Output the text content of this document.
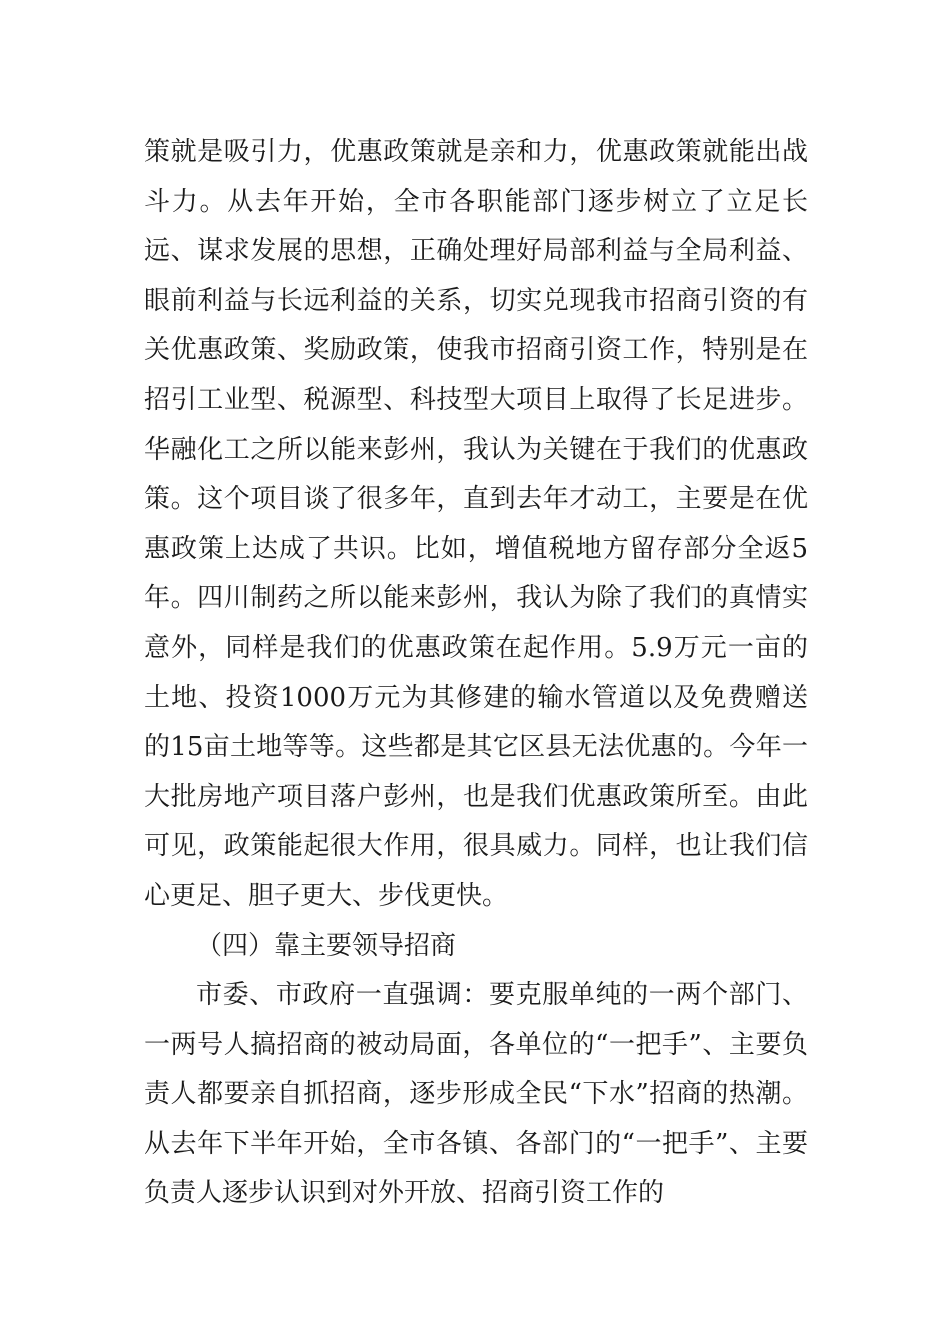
策就是吸引力，优惠政策就是亲和力，优惠政策就能出战斗力。从去年开始，全市各职能部门逐步树立了立足长远、谋求发展的思想，正确处理好局部利益与全局利益、眼前利益与长远利益的关系，切实兑现我市招商引资的有关优惠政策、奖励政策，使我市招商引资工作，特别是在招引工业型、税源型、科技型大项目上取得了长足进步。华融化工之所以能来彭州，我认为关键在于我们的优惠政策。这个项目谈了很多年，直到去年才动工，主要是在优惠政策上达成了共识。比如，增值税地方留存部分全返5年。四川制药之所以能来彭州，我认为除了我们的真情实意外，同样是我们的优惠政策在起作用。5.9万元一亩的土地、投资1000万元为其修建的输水管道以及免费赠送的15亩土地等等。这些都是其它区县无法优惠的。今年一大批房地产项目落户彭州，也是我们优惠政策所至。由此可见，政策能起很大作用，很具威力。同样，也让我们信心更足、胆子更大、步伐更快。

（四）靠主要领导招商

市委、市政府一直强调：要克服单纯的一两个部门、一两号人搞招商的被动局面，各单位的“一把手”、主要负责人都要亲自抓招商，逐步形成全民“下水”招商的热潮。从去年下半年开始，全市各镇、各部门的“一把手”、主要负责人逐步认识到对外开放、招商引资工作的
